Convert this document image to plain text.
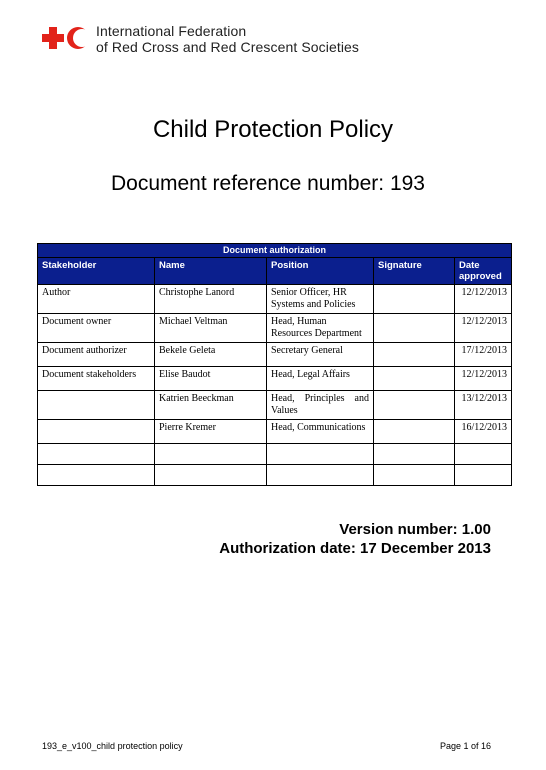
International Federation
of Red Cross and Red Crescent Societies
Child Protection Policy
Document reference number: 193
Document authorization				
Stakeholder	Name	Position	Signature	Date approved
Author	Christophe Lanord	Senior Officer, HR Systems and Policies		12/12/2013
Document owner	Michael Veltman	Head, Human Resources Department		12/12/2013
Document authorizer	Bekele Geleta	Secretary General		17/12/2013
Document stakeholders	Elise Baudot	Head, Legal Affairs		12/12/2013
	Katrien Beeckman	Head, Principles and Values		13/12/2013
	Pierre Kremer	Head, Communications		16/12/2013

Version number: 1.00
Authorization date: 17 December 2013
193_e_v100_child protection policy	Page 1 of 16
